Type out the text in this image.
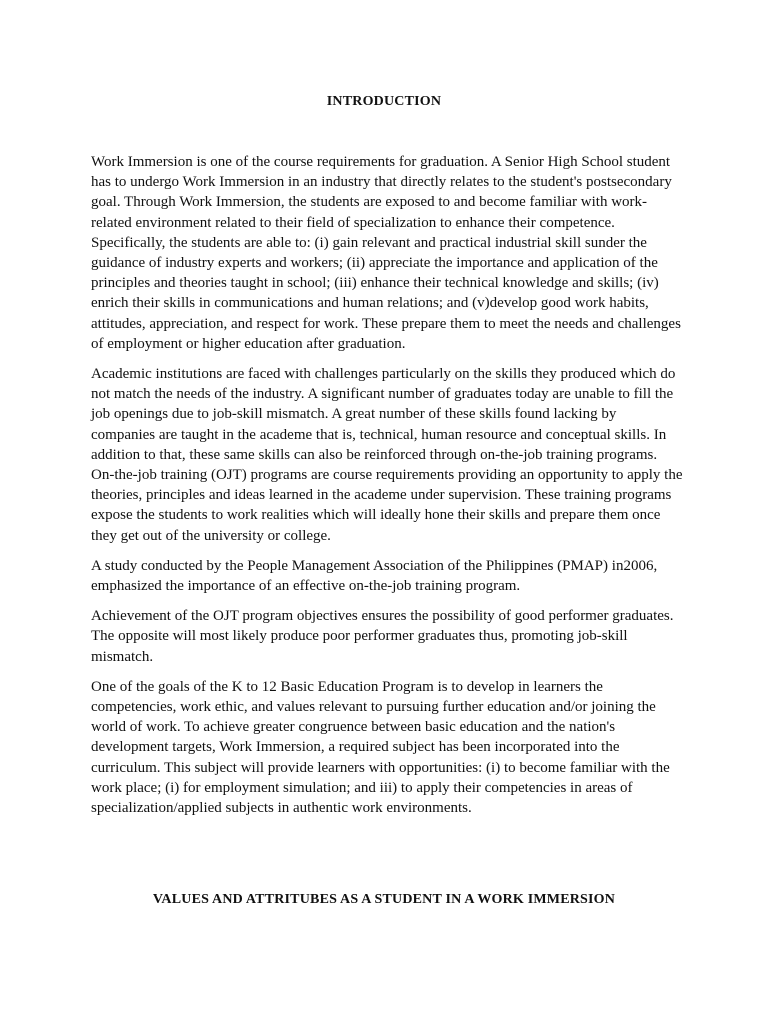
INTRODUCTION

Work Immersion is one of the course requirements for graduation. A Senior High School student has to undergo Work Immersion in an industry that directly relates to the student's postsecondary goal. Through Work Immersion, the students are exposed to and become familiar with work-related environment related to their field of specialization to enhance their competence. Specifically, the students are able to: (i) gain relevant and practical industrial skill sunder the guidance of industry experts and workers; (ii) appreciate the importance and application of the principles and theories taught in school; (iii) enhance their technical knowledge and skills; (iv) enrich their skills in communications and human relations; and (v)develop good work habits, attitudes, appreciation, and respect for work. These prepare them to meet the needs and challenges of employment or higher education after graduation.

Academic institutions are faced with challenges particularly on the skills they produced which do not match the needs of the industry. A significant number of graduates today are unable to fill the job openings due to job-skill mismatch. A great number of these skills found lacking by companies are taught in the academe that is, technical, human resource and conceptual skills. In addition to that, these same skills can also be reinforced through on-the-job training programs. On-the-job training (OJT) programs are course requirements providing an opportunity to apply the theories, principles and ideas learned in the academe under supervision. These training programs expose the students to work realities which will ideally hone their skills and prepare them once they get out of the university or college.

A study conducted by the People Management Association of the Philippines (PMAP) in2006, emphasized the importance of an effective on-the-job training program.

Achievement of the OJT program objectives ensures the possibility of good performer graduates. The opposite will most likely produce poor performer graduates thus, promoting job-skill mismatch.

One of the goals of the K to 12 Basic Education Program is to develop in learners the competencies, work ethic, and values relevant to pursuing further education and/or joining the world of work. To achieve greater congruence between basic education and the nation's development targets, Work Immersion, a required subject has been incorporated into the curriculum. This subject will provide learners with opportunities: (i) to become familiar with the work place; (i) for employment simulation; and iii) to apply their competencies in areas of specialization/applied subjects in authentic work environments.

VALUES AND ATTRITUBES AS A STUDENT IN A WORK IMMERSION
